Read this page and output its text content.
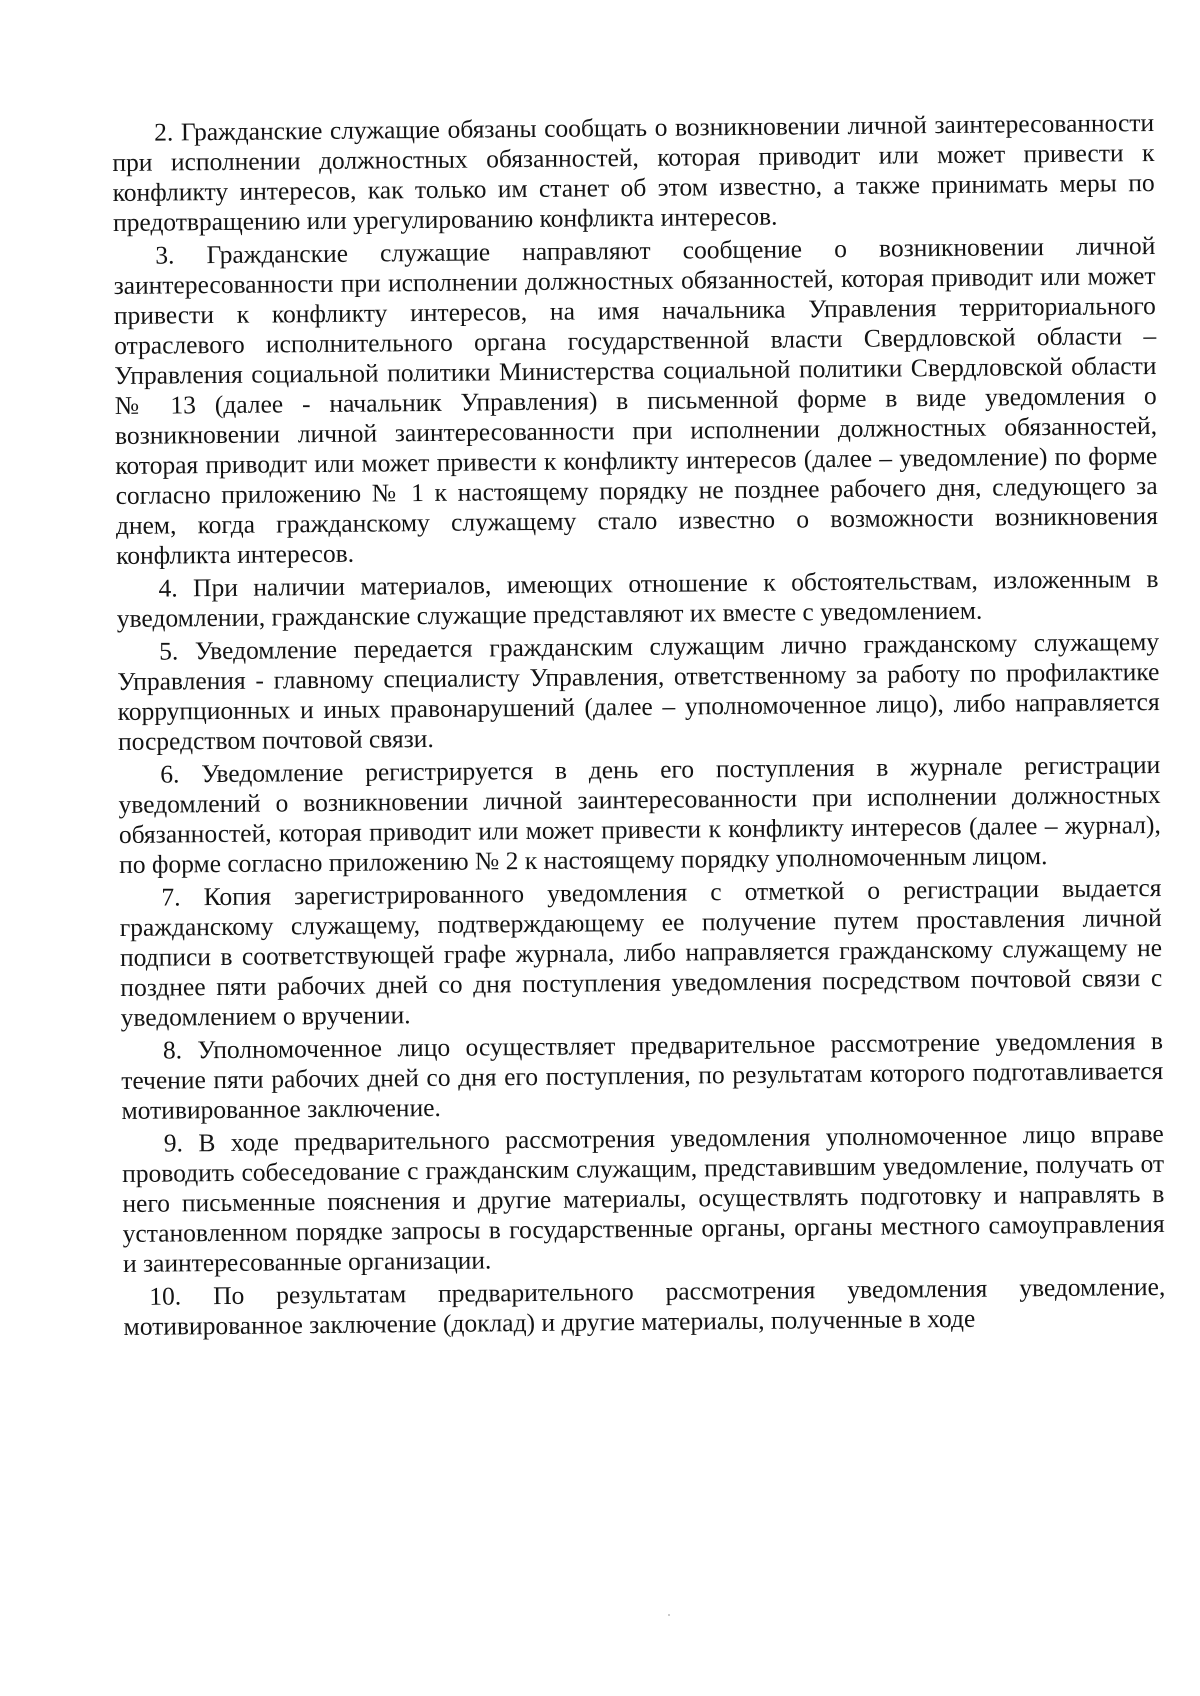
2. Гражданские служащие обязаны сообщать о возникновении личной заинтересованности при исполнении должностных обязанностей, которая приводит или может привести к конфликту интересов, как только им станет об этом известно, а также принимать меры по предотвращению или урегулированию конфликта интересов.

3. Гражданские служащие направляют сообщение о возникновении личной заинтересованности при исполнении должностных обязанностей, которая приводит или может привести к конфликту интересов, на имя начальника Управления территориального отраслевого исполнительного органа государственной власти Свердловской области – Управления социальной политики Министерства социальной политики Свердловской области № 13 (далее - начальник Управления) в письменной форме в виде уведомления о возникновении личной заинтересованности при исполнении должностных обязанностей, которая приводит или может привести к конфликту интересов (далее – уведомление) по форме согласно приложению № 1 к настоящему порядку не позднее рабочего дня, следующего за днем, когда гражданскому служащему стало известно о возможности возникновения конфликта интересов.

4. При наличии материалов, имеющих отношение к обстоятельствам, изложенным в уведомлении, гражданские служащие представляют их вместе с уведомлением.

5. Уведомление передается гражданским служащим лично гражданскому служащему Управления - главному специалисту Управления, ответственному за работу по профилактике коррупционных и иных правонарушений (далее – уполномоченное лицо), либо направляется посредством почтовой связи.

6. Уведомление регистрируется в день его поступления в журнале регистрации уведомлений о возникновении личной заинтересованности при исполнении должностных обязанностей, которая приводит или может привести к конфликту интересов (далее – журнал), по форме согласно приложению № 2 к настоящему порядку уполномоченным лицом.

7. Копия зарегистрированного уведомления с отметкой о регистрации выдается гражданскому служащему, подтверждающему ее получение путем проставления личной подписи в соответствующей графе журнала, либо направляется гражданскому служащему не позднее пяти рабочих дней со дня поступления уведомления посредством почтовой связи с уведомлением о вручении.

8. Уполномоченное лицо осуществляет предварительное рассмотрение уведомления в течение пяти рабочих дней со дня его поступления, по результатам которого подготавливается мотивированное заключение.

9. В ходе предварительного рассмотрения уведомления уполномоченное лицо вправе проводить собеседование с гражданским служащим, представившим уведомление, получать от него письменные пояснения и другие материалы, осуществлять подготовку и направлять в установленном порядке запросы в государственные органы, органы местного самоуправления и заинтересованные организации.

10. По результатам предварительного рассмотрения уведомления уведомление, мотивированное заключение (доклад) и другие материалы, полученные в ходе
